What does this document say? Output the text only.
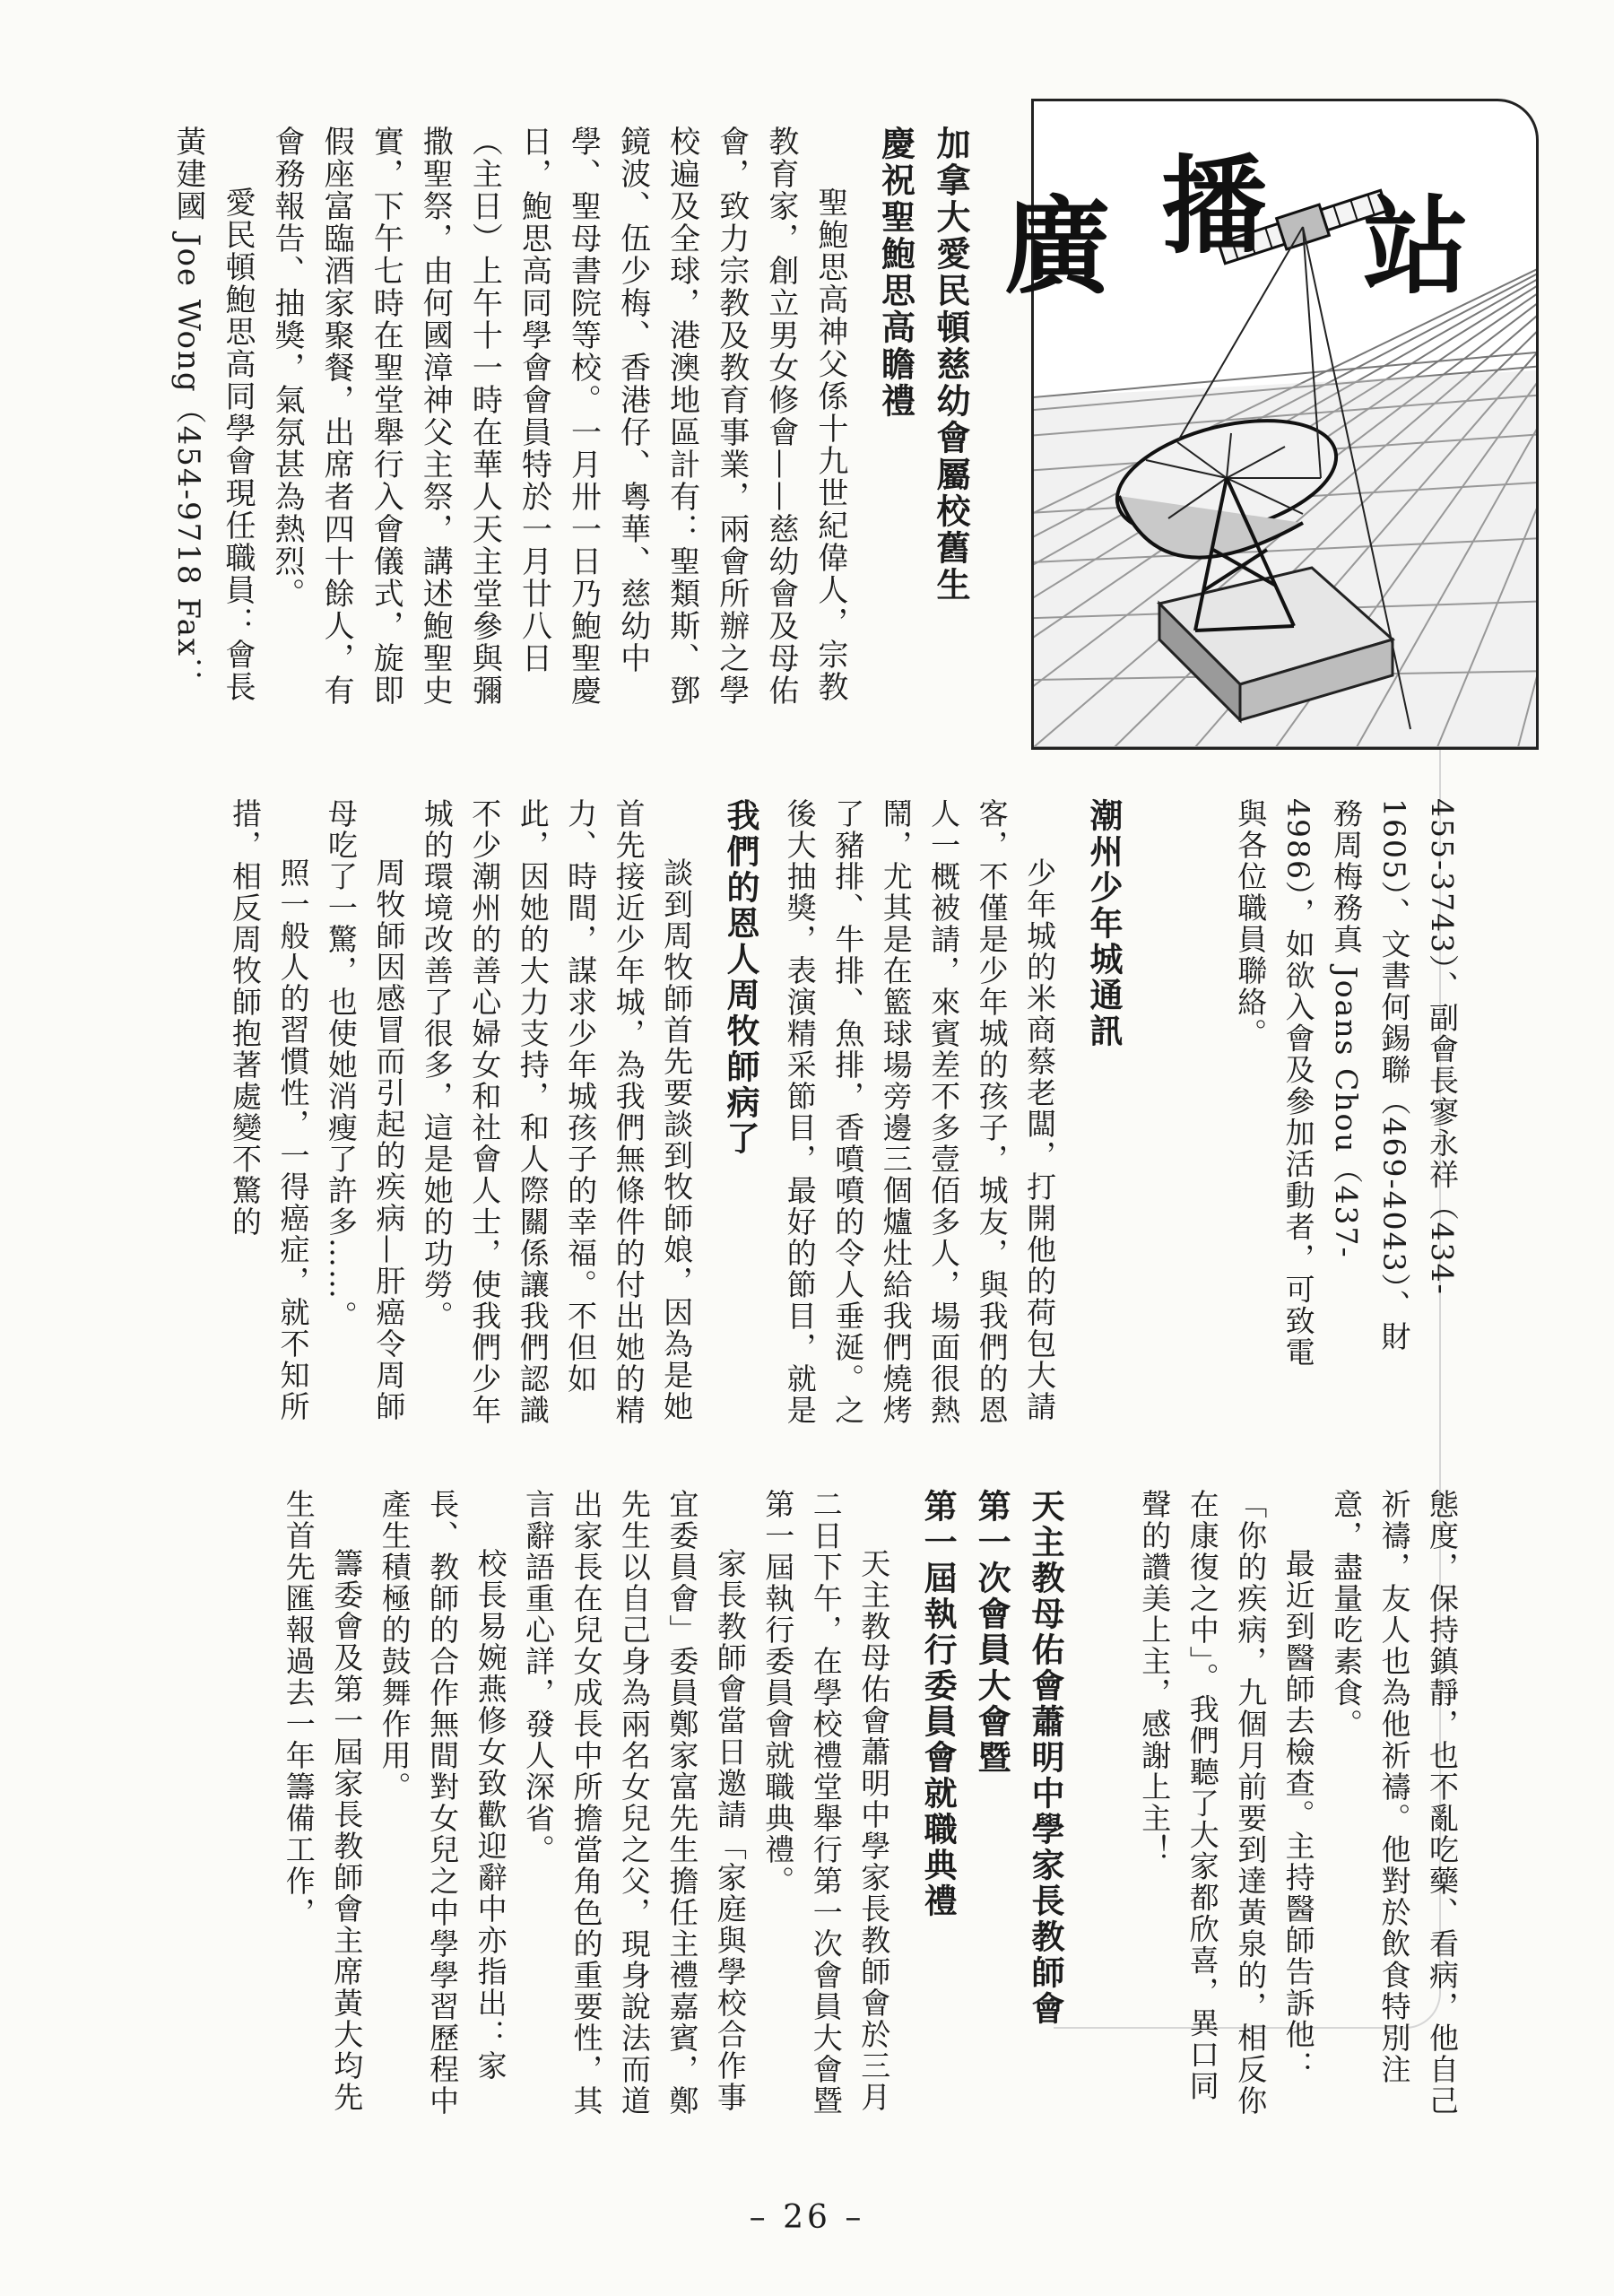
廣 播 站
加拿大愛民頓慈幼會屬校舊生
慶祝聖鮑思高瞻禮

聖鮑思高神父係十九世紀偉人，宗教教育家，創立男女修會——慈幼會及母佑會，致力宗教及教育事業，兩會所辦之學校遍及全球，港澳地區計有：聖類斯、鄧鏡波、伍少梅、香港仔、粵華、慈幼中學、聖母書院等校。一月卅一日乃鮑聖慶日，鮑思高同學會會員特於一月廿八日（主日）上午十一時在華人天主堂參與彌撒聖祭，由何國漳神父主祭，講述鮑聖史實，下午七時在聖堂舉行入會儀式，旋即假座富臨酒家聚餐，出席者四十餘人，有會務報告、抽獎，氣氛甚為熱烈。

愛民頓鮑思高同學會現任職員：會長黃建國 Joe Wong（454-9718 Fax：

455-3743）、副會長寥永祥（434-1605）、文書何錫聯（469-4043）、財務周梅務真 Joans Chou（437-4986），如欲入會及參加活動者，可致電與各位職員聯絡。

潮州少年城通訊

少年城的米商蔡老闆，打開他的荷包大請客，不僅是少年城的孩子，城友，與我們的恩人一概被請，來賓差不多壹佰多人，場面很熱鬧，尤其是在籃球場旁邊三個爐灶給我們燒烤了豬排、牛排、魚排，香噴噴的令人垂涎。之後大抽獎，表演精采節目，最好的節目，就是

我們的恩人周牧師病了

談到周牧師首先要談到牧師娘，因為是她首先接近少年城，為我們無條件的付出她的精力、時間，謀求少年城孩子的幸福。不但如此，因她的大力支持，和人際關係讓我們認識不少潮州的善心婦女和社會人士，使我們少年城的環境改善了很多，這是她的功勞。

周牧師因感冒而引起的疾病—肝癌令周師母吃了一驚，也使她消瘦了許多……。

照一般人的習慣性，一得癌症，就不知所措，相反周牧師抱著處變不驚的

態度，保持鎮靜，也不亂吃藥、看病，他自己祈禱，友人也為他祈禱。他對於飲食特別注意，盡量吃素食。

最近到醫師去檢查。主持醫師告訴他：「你的疾病，九個月前要到達黃泉的，相反你在康復之中」。我們聽了大家都欣喜，異口同聲的讚美上主，感謝上主！

天主教母佑會蕭明中學家長教師會
第一次會員大會暨
第一屆執行委員會就職典禮

天主教母佑會蕭明中學家長教師會於三月二日下午，在學校禮堂舉行第一次會員大會暨第一屆執行委員會就職典禮。

家長教師會當日邀請「家庭與學校合作事宜委員會」委員鄭家富先生擔任主禮嘉賓，鄭先生以自己身為兩名女兒之父，現身說法而道出家長在兒女成長中所擔當角色的重要性，其言辭語重心詳，發人深省。

校長易婉燕修女致歡迎辭中亦指出：家長、教師的合作無間對女兒之中學學習歷程中產生積極的鼓舞作用。

籌委會及第一屆家長教師會主席黃大均先生首先匯報過去一年籌備工作，

– 26 –
